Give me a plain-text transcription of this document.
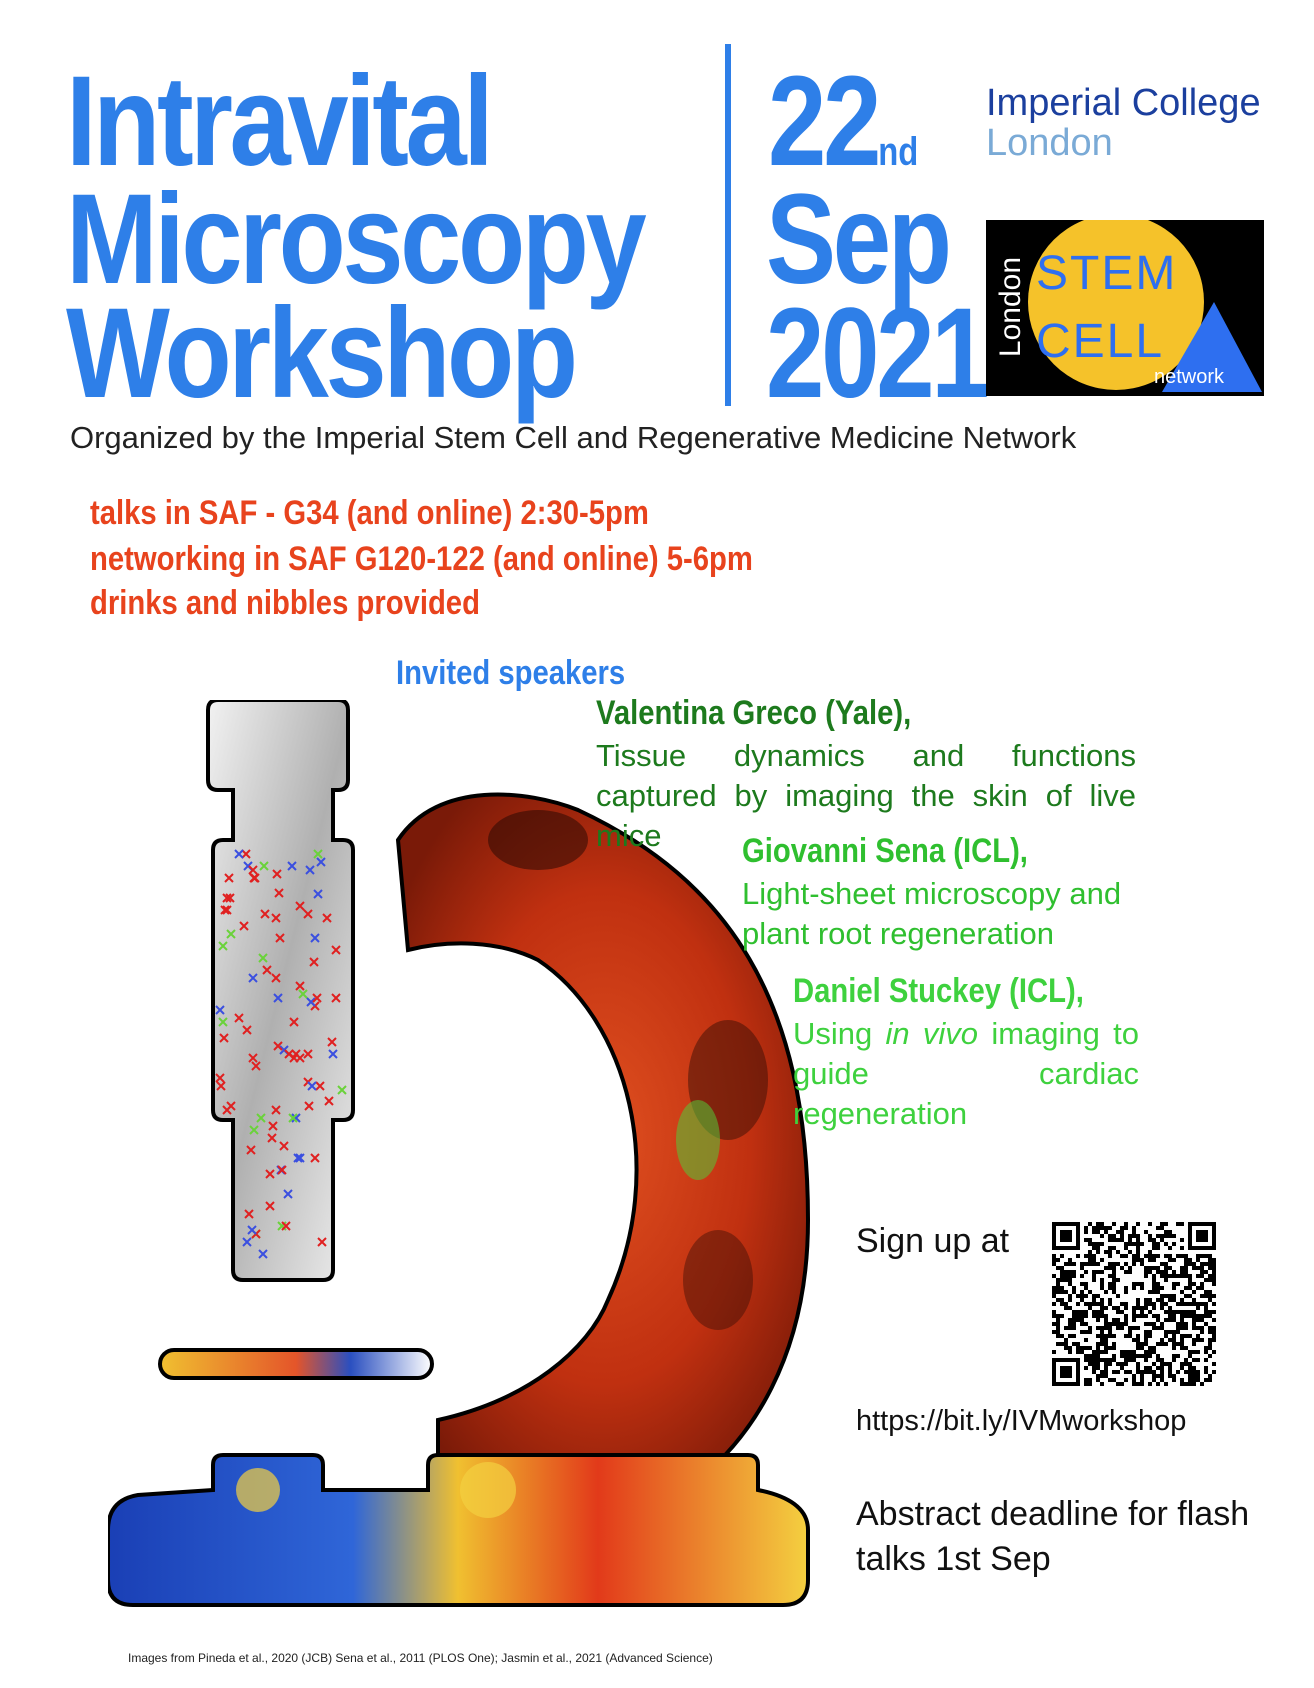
Intravital
Microscopy
Workshop
22nd
Sep
2021
Imperial College
London
London STEM
CELL
network
Organized by the Imperial Stem Cell and Regenerative Medicine Network
talks in SAF - G34 (and online) 2:30-5pm
networking in SAF G120-122 (and online) 5-6pm
drinks and nibbles provided
Invited speakers
Valentina Greco (Yale),
Tissue dynamics and functions captured by imaging the skin of live mice	Giovanni Sena (ICL),
Light-sheet microscopy and plant root regeneration
Daniel Stuckey (ICL),
Using in vivo imaging to guide cardiac regeneration
Sign up at
https://bit.ly/IVMworkshop
Abstract deadline for flash talks 1st Sep
Images from Pineda et al., 2020 (JCB) Sena et al., 2011 (PLOS One); Jasmin et al., 2021 (Advanced Science)
